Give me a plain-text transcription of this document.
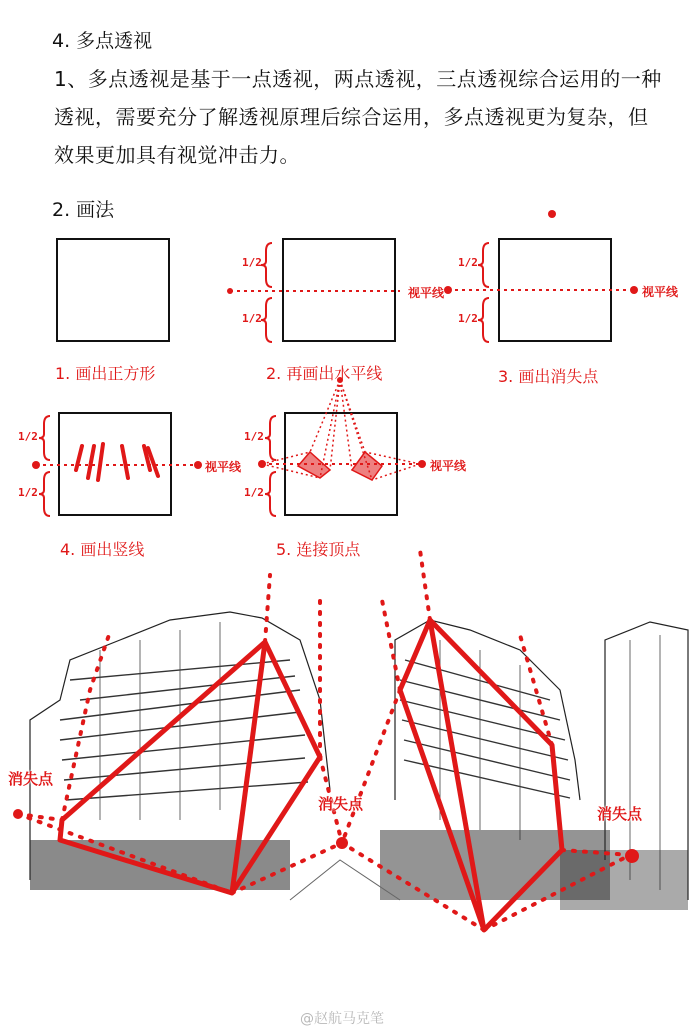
4. 多点透视
1、多点透视是基于一点透视，两点透视，三点透视综合运用的一种透视，需要充分了解透视原理后综合运用，多点透视更为复杂，但效果更加具有视觉冲击力。
2. 画法
1/2
1/2
1/2
1/2
1/2
1/2
1/2
1/2
视平线	视平线
视平线	视平线
1. 画出正方形	2. 再画出水平线	3. 画出消失点
4. 画出竖线	5. 连接顶点
消失点
消失点
消失点
@赵航马克笔
